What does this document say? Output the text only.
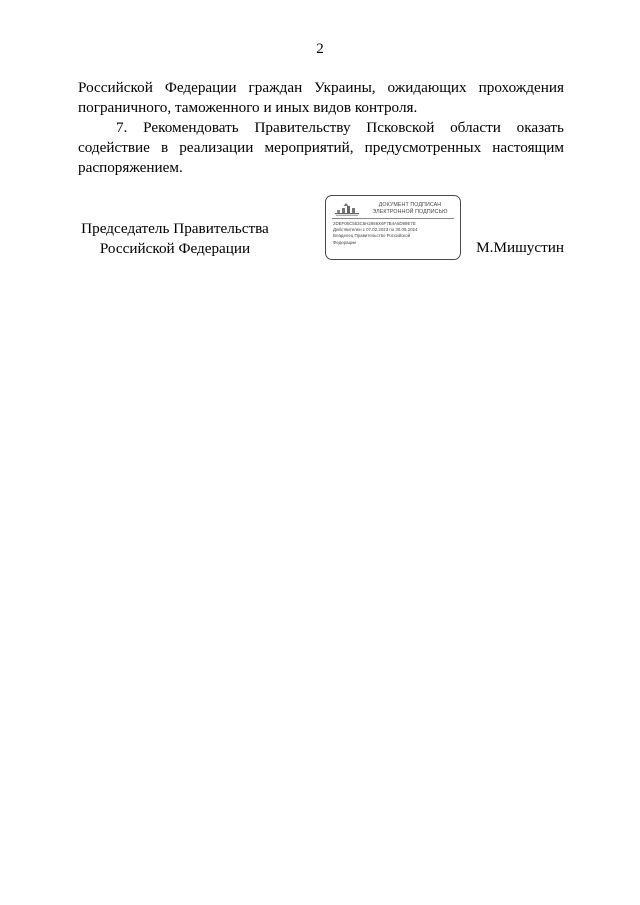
2
Российской Федерации граждан Украины, ожидающих прохождения
пограничного, таможенного и иных видов контроля.
7. Рекомендовать Правительству Псковской области оказать
содействие в реализации мероприятий, предусмотренных настоящим
распоряжением.
Председатель Правительства
Российской Федерации
ДОКУМЕНТ ПОДПИСАН
ЭЛЕКТРОННОЙ ПОДПИСЬЮ
2DEF06C553C6H2866X6F7B4A6D99E7E
Действителен с 07.02.2023 по 30.05.2024
Владелец Правительство Российской
Федерации	М.Мишустин
